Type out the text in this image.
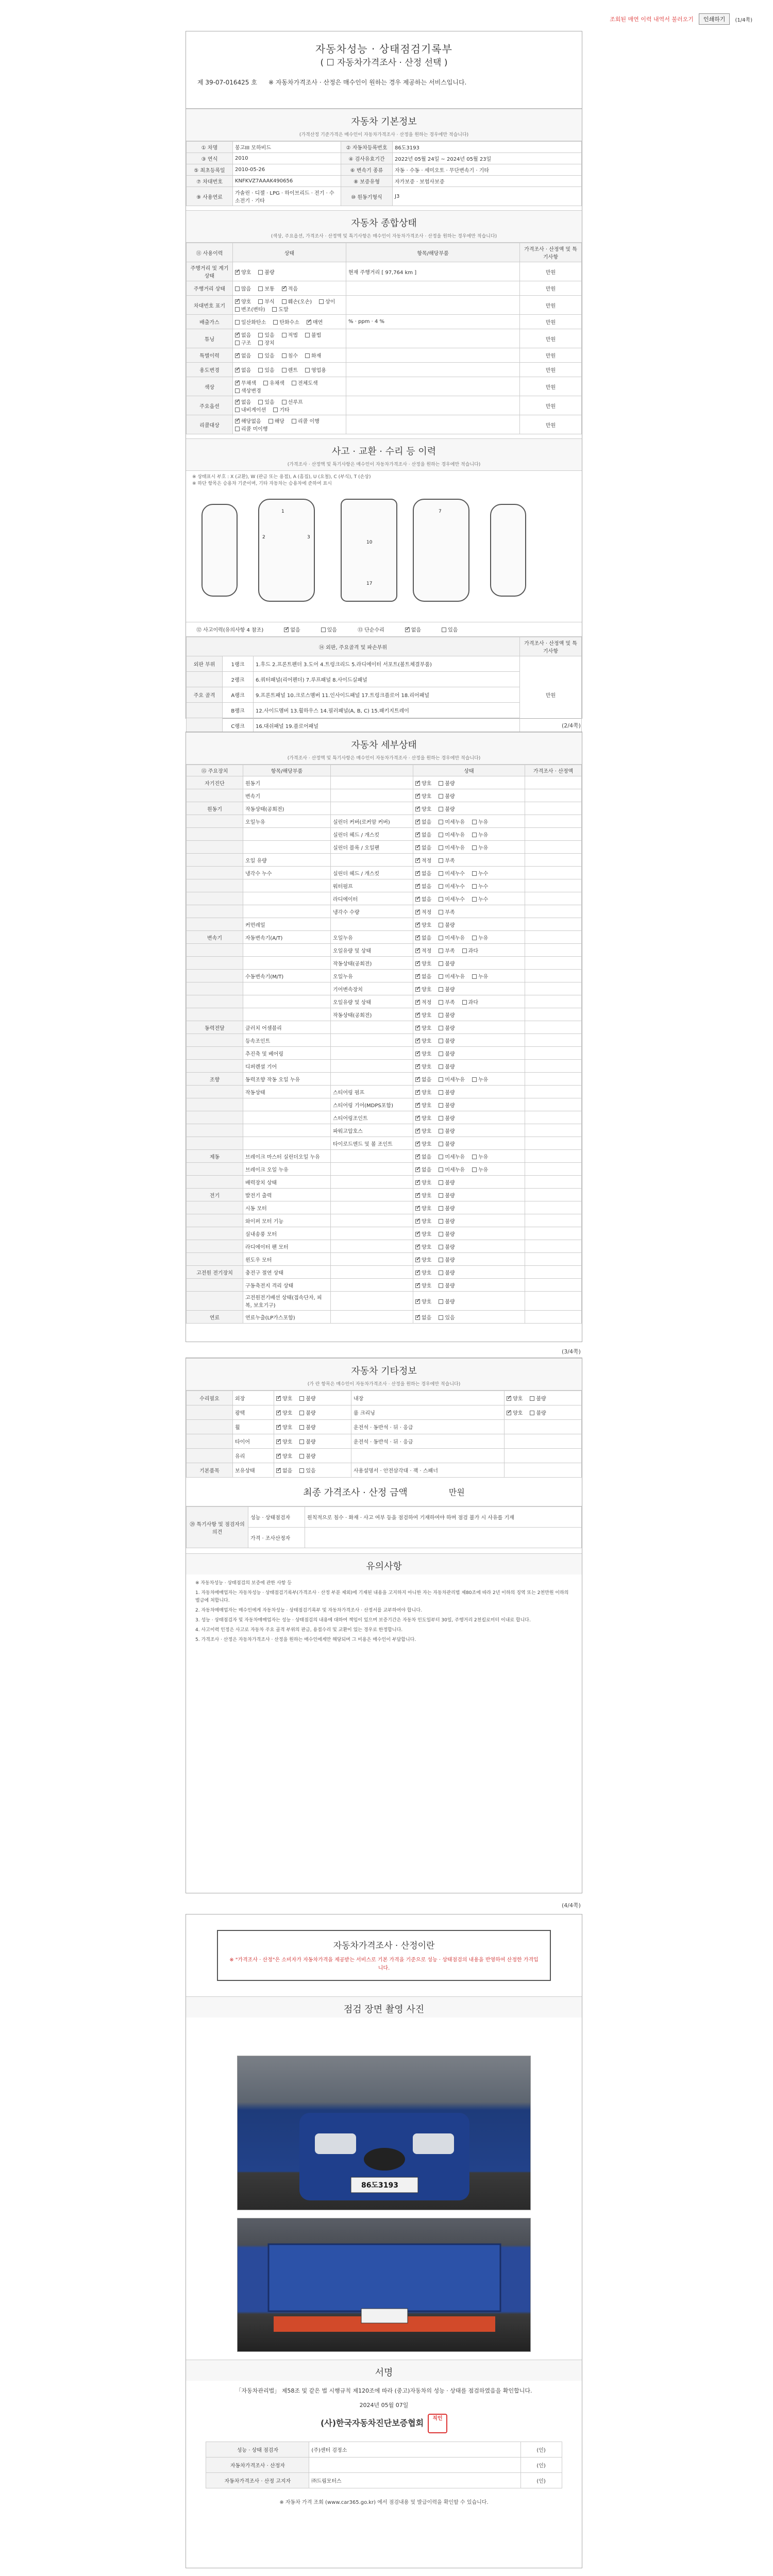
조회된 매연 이력 내역서 불러오기	인쇄하기	(1/4쪽)
자동차성능 · 상태점검기록부
( ☐ 자동차가격조사 · 산정 선택 )
제 39-07-016425 호 ※ 자동차가격조사 · 산정은 매수인이 원하는 경우 제공하는 서비스입니다.
자동차 기본정보
(가격산정 기준가격은 매수인이 자동차가격조사 · 산정을 원하는 경우에만 적습니다)
① 차명	봉고III 모하비드	② 자동차등록번호	86도3193
③ 연식	2010	④ 검사유효기간	2022년 05월 24일 ~ 2024년 05월 23일
⑤ 최초등록일	2010-05-26	⑥ 변속기 종류	자동 · 수동 · 세미오토 · 무단변속기 · 기타
⑦ 차대번호	KNFKVZ7AAAK490656	⑧ 보증유형	자가보증 · 보험사보증
⑨ 사용연료	가솔린 · 디젤 · LPG · 하이브리드 · 전기 · 수소전기 · 기타	⑩ 원동기형식	J3
자동차 종합상태
(색상, 주요옵션, 가격조사 · 산정액 및 특기사항은 매수인이 자동차가격조사 · 산정을 원하는 경우에만 적습니다)
⑪ 사용이력	상태	항목/해당부품	가격조사 · 산정액 및 특기사항
주행거리 및 계기상태	✓양호 불량	현재 주행거리 [ 97,764 km ]	만원
주행거리 상태	많음 보통 ✓ 적음		만원
차대번호 표기	✓양호 부식 훼손(오손) 상이변조(변타) 도말		만원
배출가스	일산화탄소 탄화수소 ✓ 매연	% · ppm · 4 %	만원
튜닝	✓없음 있음 적법 불법구조 장치		만원
특별이력	✓없음 있음 침수 화재		만원
용도변경	✓없음 있음 렌트 영업용		만원
색상	✓무채색 유채색 전체도색색상변경		만원
주요옵션	✓없음 있음 선루프내비게이션 기타		만원
리콜대상	✓해당없음 해당 리콜 이행리콜 미이행		만원
사고 · 교환 · 수리 등 이력
(가격조사 · 산정액 및 특기사항은 매수인이 자동차가격조사 · 산정을 원하는 경우에만 적습니다)
※ 상태표시 부호 : X (교환), W (판금 또는 용접), A (흠집), U (요철), C (부식), T (손상)
※ 하단 항목은 승용차 기준이며, 기타 자동차는 승용차에 준하여 표시
1
2	3
10
17
7
⑫ 사고이력(유의사항 4 참조) ✓	없음	있음	⑬ 단순수리 ✓	없음	있음
⑭ 외판, 주요골격 및 파손부위			가격조사 · 산정액 및 특기사항
외판 부위	1랭크	1.후드 2.프론트펜더 3.도어 4.트렁크리드 5.라디에이터 서포트(볼트체결부품)	만원
	2랭크	6.쿼터패널(리어펜더) 7.루프패널 8.사이드실패널	
주요 골격	A랭크	9.프론트패널 10.크로스멤버 11.인사이드패널 17.트렁크플로어 18.리어패널	
	B랭크	12.사이드멤버 13.휠하우스 14.필러패널(A, B, C) 15.패키지트레이	
	C랭크	16.대쉬패널 19.플로어패널		(2/4쪽)
자동차 세부상태
(가격조사 · 산정액 및 특기사항은 매수인이 자동차가격조사 · 산정을 원하는 경우에만 적습니다)
⑮ 주요장치	항목/해당부품		상태	가격조사 · 산정액
자기진단	원동기		✓양호 불량	
	변속기		✓양호 불량	
원동기	작동상태(공회전)		✓양호 불량	
	오일누유	실린더 커버(로커암 커버)	✓없음 미세누유 누유	
		실린더 헤드 / 개스킷	✓없음 미세누유 누유	
		실린더 블록 / 오일팬	✓없음 미세누유 누유	
	오일 유량		✓적정 부족	
	냉각수 누수	실린더 헤드 / 개스킷	✓없음 미세누수 누수	
		워터펌프	✓없음 미세누수 누수	
		라디에이터	✓없음 미세누수 누수	
		냉각수 수량	✓적정 부족	
	커먼레일		✓양호 불량	
변속기	자동변속기(A/T)	오일누유	✓없음 미세누유 누유	
		오일유량 및 상태	✓적정 부족 과다	
		작동상태(공회전)	✓양호 불량	
	수동변속기(M/T)	오일누유	✓없음 미세누유 누유	
		기어변속장치	✓양호 불량	
		오일유량 및 상태	✓적정 부족 과다	
		작동상태(공회전)	✓양호 불량	
동력전달	클러치 어셈블리		✓양호 불량	
	등속조인트		✓양호 불량	
	추진축 및 베어링		✓양호 불량	
	디퍼렌셜 기어		✓양호 불량	
조향	동력조향 작동 오일 누유		✓없음 미세누유 누유	
	작동상태	스티어링 펌프	✓양호 불량	
		스티어링 기어(MDPS포함)	✓양호 불량	
		스티어링조인트	✓양호 불량	
		파워고압호스	✓양호 불량	
		타이로드엔드 및 볼 조인트	✓양호 불량	
제동	브레이크 마스터 실린더오일 누유		✓없음 미세누유 누유	
	브레이크 오일 누유		✓없음 미세누유 누유	
	배력장치 상태		✓양호 불량	
전기	발전기 출력		✓양호 불량	
	시동 모터		✓양호 불량	
	와이퍼 모터 기능		✓양호 불량	
	실내송풍 모터		✓양호 불량	
	라디에이터 팬 모터		✓양호 불량	
	윈도우 모터		✓양호 불량	
고전원 전기장치	충전구 절연 상태		✓양호 불량	
	구동축전지 격리 상태		✓양호 불량	
	고전원전기배선 상태(접속단자, 피복, 보호기구)		✓양호 불량	
연료	연료누출(LP가스포함)		✓없음 있음	
(3/4쪽)
자동차 기타정보
(가 란 항목은 매수인이 자동차가격조사 · 산정을 원하는 경우에만 적습니다)
수리필요	외장	✓양호 불량	내장	✓양호 불량
	광택	✓양호 불량	룸 크리닝	✓양호 불량
	휠	✓양호 불량	운전석 · 동반석 · 뒤 · 응급	
	타이어	✓양호 불량	운전석 · 동반석 · 뒤 · 응급	
	유리	✓양호 불량		
기본품목	보유상태	✓없음 있음	사용설명서 · 안전삼각대 · 잭 · 스패너	
최종 가격조사 · 산정 금액	만원
⑳ 특기사항 및 점검자의 의견	성능 · 상태점검자	원칙적으로 침수 · 화재 · 사고 여부 등을 점검하여 기재하여야 하며 점검 불가 시 사유를 기재
	가격 · 조사산정자	
유의사항

※ 자동차성능 · 상태점검의 보증에 관한 사항 등

1. 자동차매매업자는 자동차성능 · 상태점검기록부(가격조사 · 산정 부분 제외)에 기재된 내용을 고지하지 아니한 자는 자동차관리법 제80조에 따라 2년 이하의 징역 또는 2천만원 이하의 벌금에 처합니다.

2. 자동차매매업자는 매수인에게 자동차성능 · 상태점검기록부 및 자동차가격조사 · 산정서를 교부하여야 합니다.

3. 성능 · 상태점검자 및 자동차매매업자는 성능 · 상태점검의 내용에 대하여 책임이 있으며 보증기간은 자동차 인도일부터 30일, 주행거리 2천킬로미터 이내로 합니다.

4. 사고이력 인정은 사고로 자동차 주요 골격 부위의 판금, 용접수리 및 교환이 있는 경우로 한정합니다.

5. 가격조사 · 산정은 자동차가격조사 · 산정을 원하는 매수인에게만 해당되며 그 비용은 매수인이 부담합니다.

(4/4쪽)
자동차가격조사 · 산정이란
※ "가격조사 · 산정"은 소비자가 자동차가격을 제공받는 서비스로 기본 가격을 기준으로 성능 · 상태점검의 내용을 반영하여 산정한 가격입니다.
점검 장면 촬영 사진
86도3193
서명
「자동차관리법」 제58조 및 같은 법 시행규칙 제120조에 따라 (중고)자동차의 성능 · 상태를 점검하였음을 확인합니다.
2024년 05월 07일
(사)한국자동차진단보증협회 직인
성능 · 상태 점검자	(주)센터 검정소	(인)
자동차가격조사 · 산정자		(인)
자동차가격조사 · 산정 고지자	㈜드림모터스	(인)
※ 자동차 가격 조회 (www.car365.go.kr) 에서 점검내용 및 발급이력을 확인할 수 있습니다.
